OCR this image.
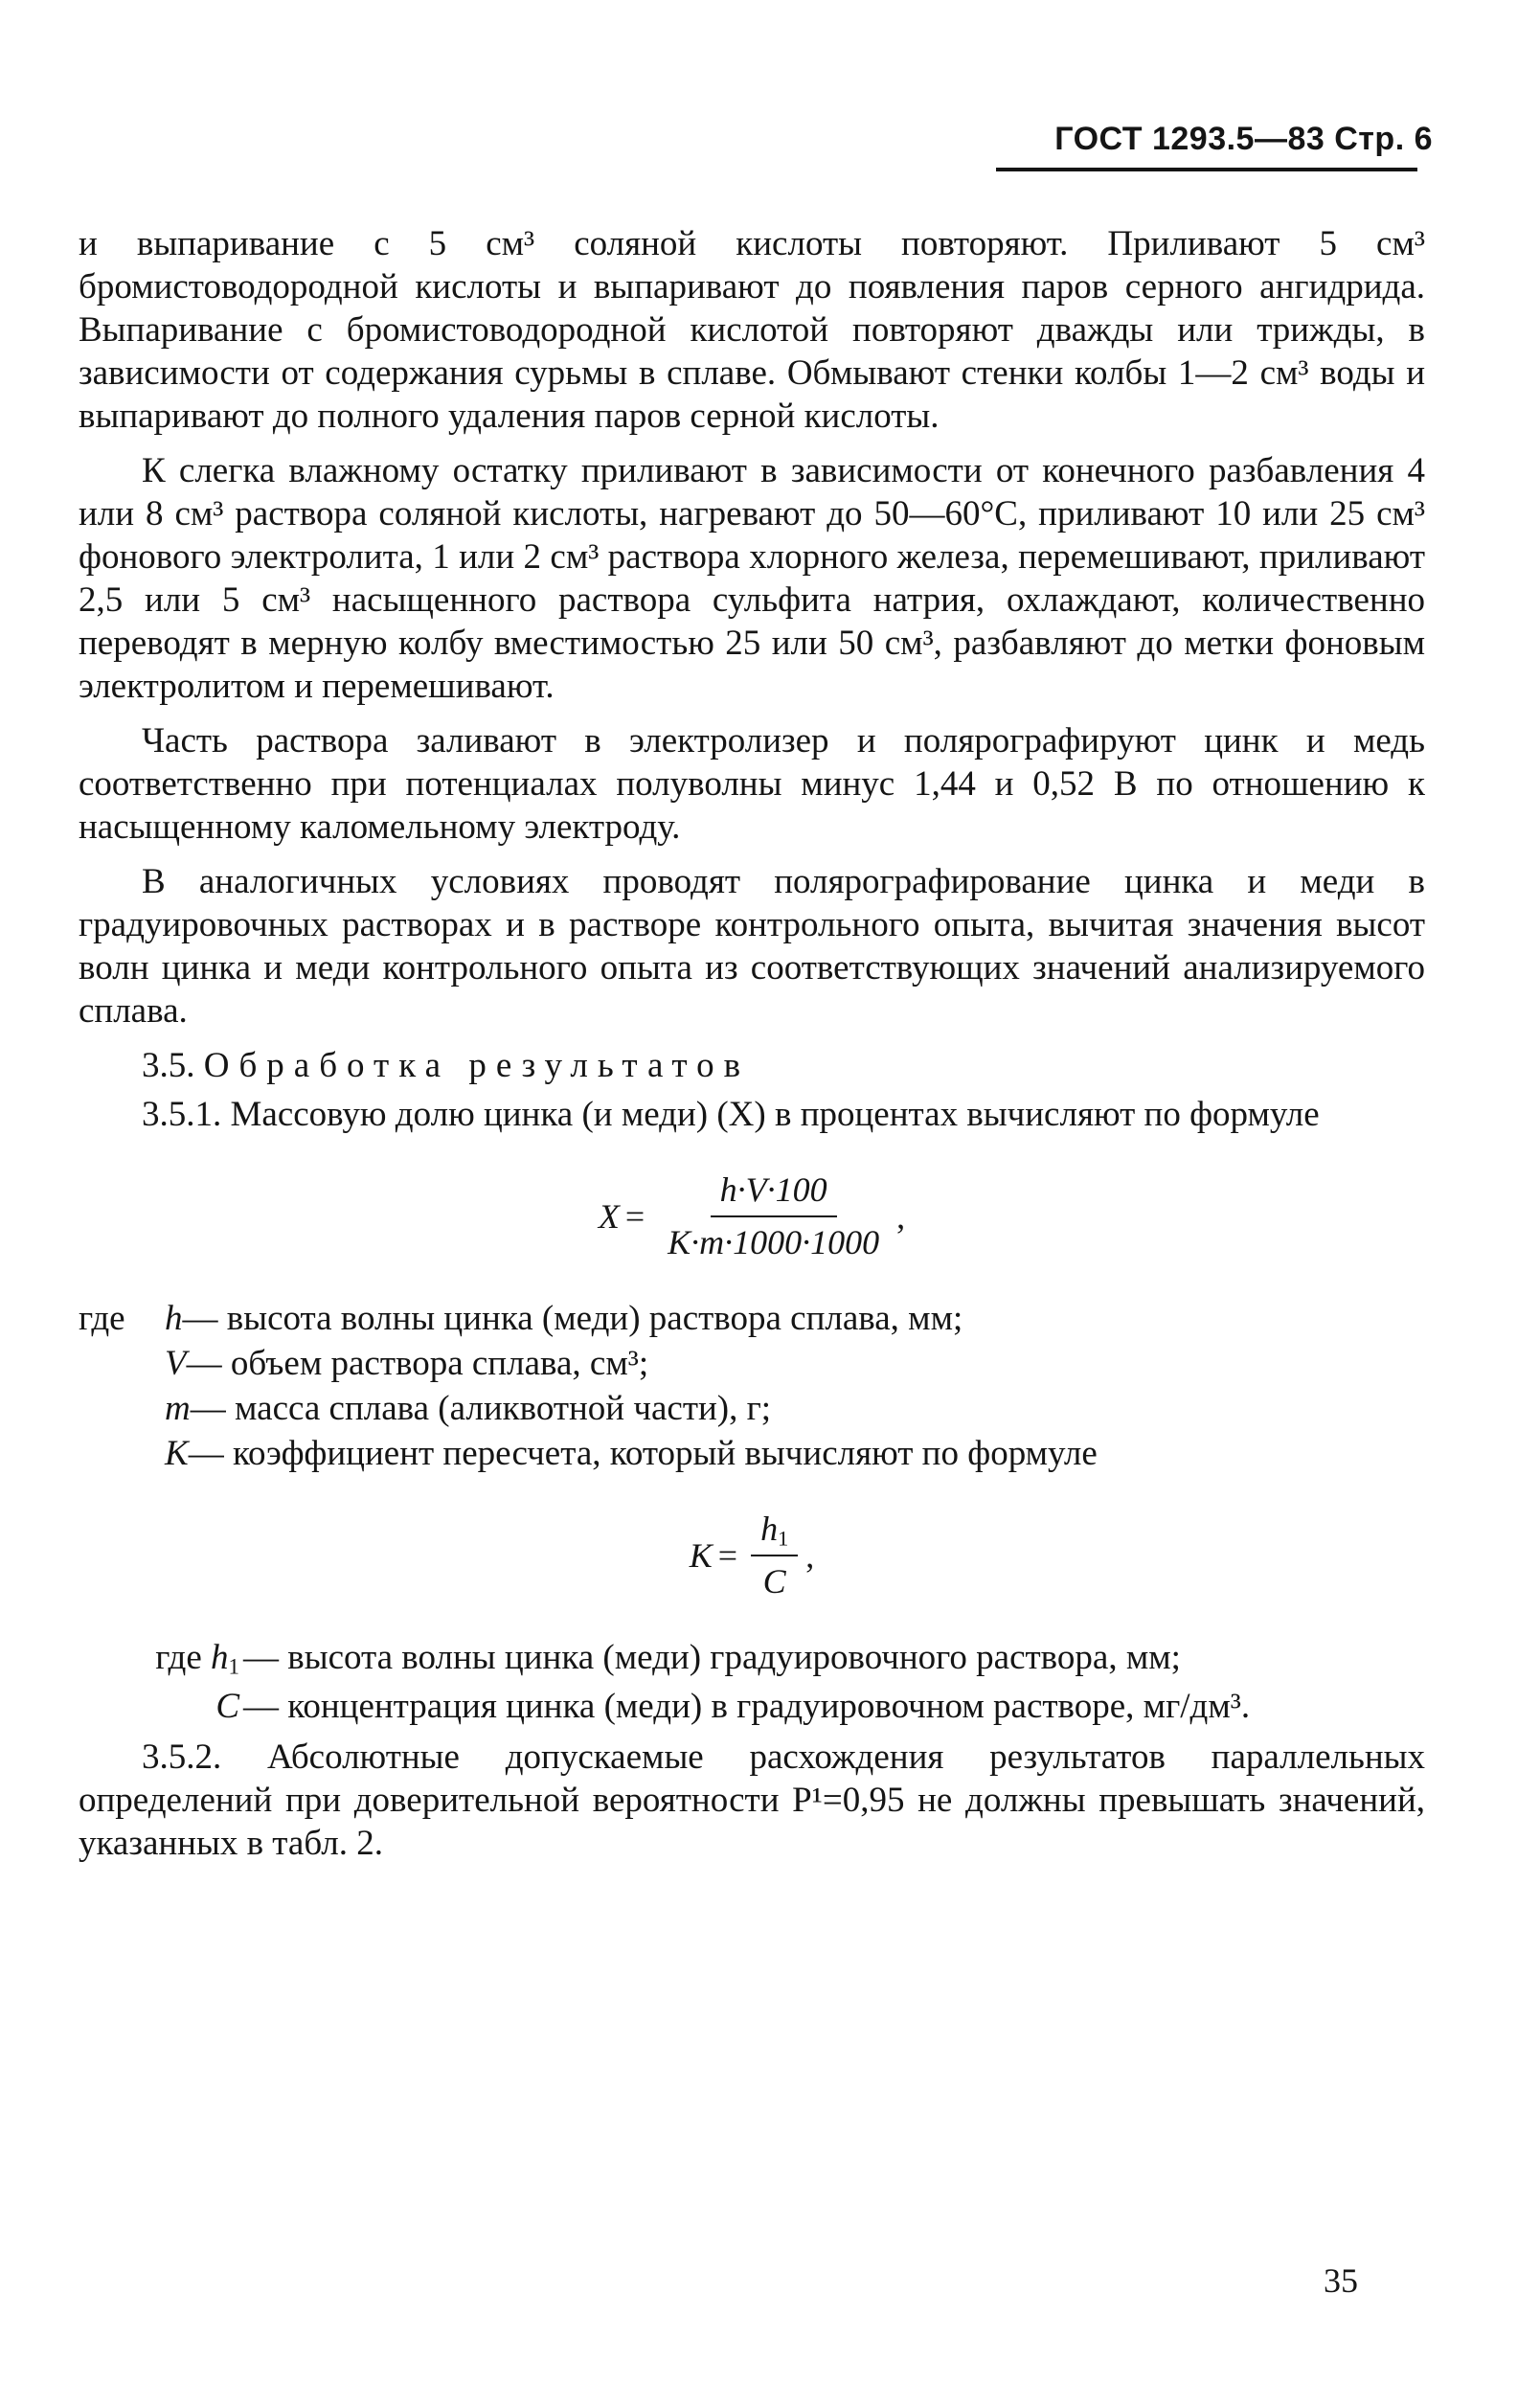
ГОСТ 1293.5—83 Стр. 6

и выпаривание с 5 см³ соляной кислоты повторяют. Приливают 5 см³ бромистоводородной кислоты и выпаривают до появления паров серного ангидрида. Выпаривание с бромистоводородной кислотой повторяют дважды или трижды, в зависимости от содержания сурьмы в сплаве. Обмывают стенки колбы 1—2 см³ воды и выпаривают до полного удаления паров серной кислоты.

К слегка влажному остатку приливают в зависимости от конечного разбавления 4 или 8 см³ раствора соляной кислоты, нагревают до 50—60°С, приливают 10 или 25 см³ фонового электролита, 1 или 2 см³ раствора хлорного железа, перемешивают, приливают 2,5 или 5 см³ насыщенного раствора сульфита натрия, охлаждают, количественно переводят в мерную колбу вместимостью 25 или 50 см³, разбавляют до метки фоновым электролитом и перемешивают.

Часть раствора заливают в электролизер и полярографируют цинк и медь соответственно при потенциалах полуволны минус 1,44 и 0,52 В по отношению к насыщенному каломельному электроду.

В аналогичных условиях проводят полярографирование цинка и меди в градуировочных растворах и в растворе контрольного опыта, вычитая значения высот волн цинка и меди контрольного опыта из соответствующих значений анализируемого сплава.

3.5. Обработка результатов

3.5.1. Массовую долю цинка (и меди) (X) в процентах вычисляют по формуле

$X = \frac{h\cdot V\cdot 100}{K\cdot m\cdot 1000\cdot 1000}$ ,
где	h — высота волны цинка (меди) раствора сплава, мм;
V — объем раствора сплава, см³;
m — масса сплава (аликвотной части), г;
K — коэффициент пересчета, который вычисляют по формуле
$K = \frac{h_1}{C}$ ,
где $h_1$ — высота волны цинка (меди) градуировочного раствора, мм;
C — концентрация цинка (меди) в градуировочном растворе, мг/дм³.

3.5.2. Абсолютные допускаемые расхождения результатов параллельных определений при доверительной вероятности P¹=0,95 не должны превышать значений, указанных в табл. 2.

35
